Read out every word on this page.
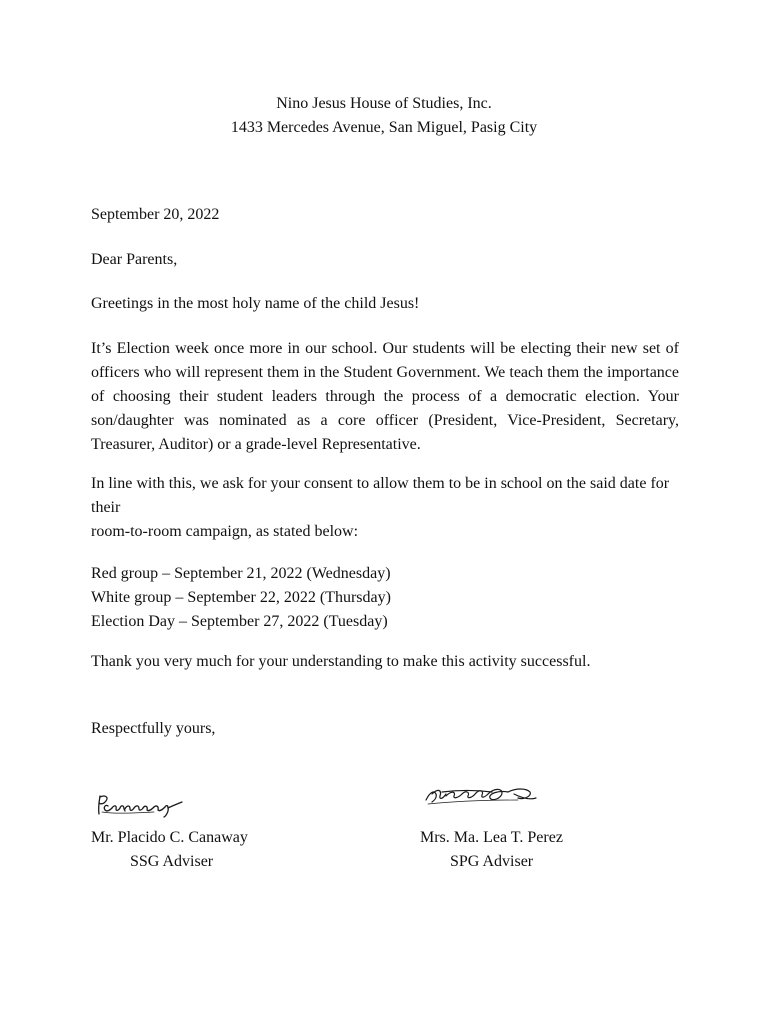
Nino Jesus House of Studies, Inc.

1433 Mercedes Avenue, San Miguel, Pasig City

September 20, 2022

Dear Parents,

Greetings in the most holy name of the child Jesus!

It’s Election week once more in our school. Our students will be electing their new set of officers who will represent them in the Student Government. We teach them the importance of choosing their student leaders through the process of a democratic election. Your son/daughter was nominated as a core officer (President, Vice-President, Secretary, Treasurer, Auditor) or a grade-level Representative.

In line with this, we ask for your consent to allow them to be in school on the said date for their

room-to-room campaign, as stated below:

Red group – September 21, 2022 (Wednesday)

White group – September 22, 2022 (Thursday)

Election Day – September 27, 2022 (Tuesday)

Thank you very much for your understanding to make this activity successful.

Respectfully yours,

Mr. Placido C. Canaway
SSG Adviser
Mrs. Ma. Lea T. Perez
SPG Adviser
